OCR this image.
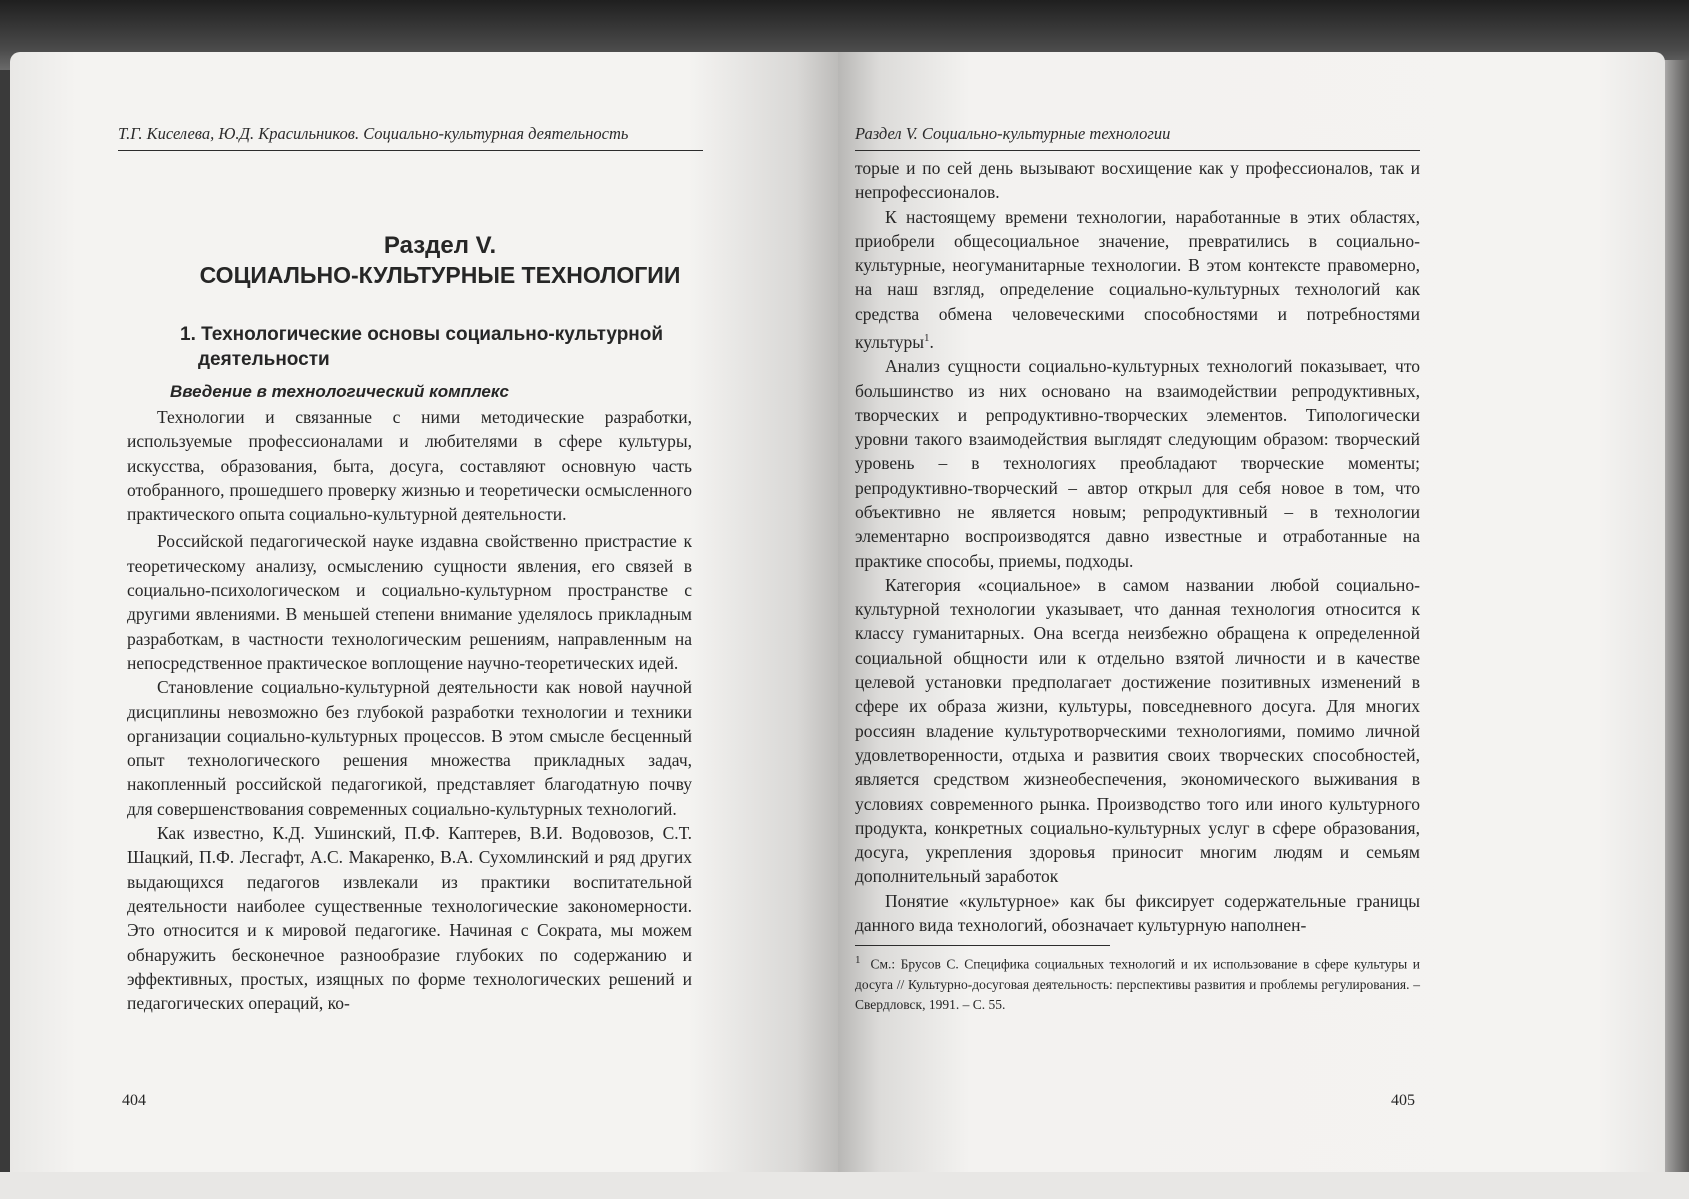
Т.Г. Киселева, Ю.Д. Красильников. Социально-культурная деятельность
Раздел V.
СОЦИАЛЬНО-КУЛЬТУРНЫЕ ТЕХНОЛОГИИ
1. Технологические основы социально-культурной деятельности
Введение в технологический комплекс

Технологии и связанные с ними методические разработки, используемые профессионалами и любителями в сфере культуры, искусства, образования, быта, досуга, составляют основную часть отобранного, прошедшего проверку жизнью и теоретически осмысленного практического опыта социально-культурной деятельности.

Российской педагогической науке издавна свойственно пристрастие к теоретическому анализу, осмыслению сущности явления, его связей в социально-психологическом и социально-культурном пространстве с другими явлениями. В меньшей степени внимание уделялось прикладным разработкам, в частности технологическим решениям, направленным на непосредственное практическое воплощение научно-теоретических идей.

Становление социально-культурной деятельности как новой научной дисциплины невозможно без глубокой разработки технологии и техники организации социально-культурных процессов. В этом смысле бесценный опыт технологического решения множества прикладных задач, накопленный российской педагогикой, представляет благодатную почву для совершенствования современных социально-культурных технологий.

Как известно, К.Д. Ушинский, П.Ф. Каптерев, В.И. Водовозов, С.Т. Шацкий, П.Ф. Лесгафт, А.С. Макаренко, В.А. Сухомлинский и ряд других выдающихся педагогов извлекали из практики воспитательной деятельности наиболее существенные технологические закономерности. Это относится и к мировой педагогике. Начиная с Сократа, мы можем обнаружить бесконечное разнообразие глубоких по содержанию и эффективных, простых, изящных по форме технологических решений и педагогических операций, ко-

404
Раздел V. Социально-культурные технологии

торые и по сей день вызывают восхищение как у профессионалов, так и непрофессионалов.

К настоящему времени технологии, наработанные в этих областях, приобрели общесоциальное значение, превратились в социально-культурные, неогуманитарные технологии. В этом контексте правомерно, на наш взгляд, определение социально-культурных технологий как средства обмена человеческими способностями и потребностями культуры$^1$.

Анализ сущности социально-культурных технологий показывает, что большинство из них основано на взаимодействии репродуктивных, творческих и репродуктивно-творческих элементов. Типологически уровни такого взаимодействия выглядят следующим образом: творческий уровень – в технологиях преобладают творческие моменты; репродуктивно-творческий – автор открыл для себя новое в том, что объективно не является новым; репродуктивный – в технологии элементарно воспроизводятся давно известные и отработанные на практике способы, приемы, подходы.

Категория «социальное» в самом названии любой социально-культурной технологии указывает, что данная технология относится к классу гуманитарных. Она всегда неизбежно обращена к определенной социальной общности или к отдельно взятой личности и в качестве целевой установки предполагает достижение позитивных изменений в сфере их образа жизни, культуры, повседневного досуга. Для многих россиян владение культуротворческими технологиями, помимо личной удовлетворенности, отдыха и развития своих творческих способностей, является средством жизнеобеспечения, экономического выживания в условиях современного рынка. Производство того или иного культурного продукта, конкретных социально-культурных услуг в сфере образования, досуга, укрепления здоровья приносит многим людям и семьям дополнительный заработок

Понятие «культурное» как бы фиксирует содержательные границы данного вида технологий, обозначает культурную наполнен-

$^1$ См.: Брусов С. Специфика социальных технологий и их использование в сфере культуры и досуга // Культурно-досуговая деятельность: перспективы развития и проблемы регулирования. – Свердловск, 1991. – С. 55.
405
